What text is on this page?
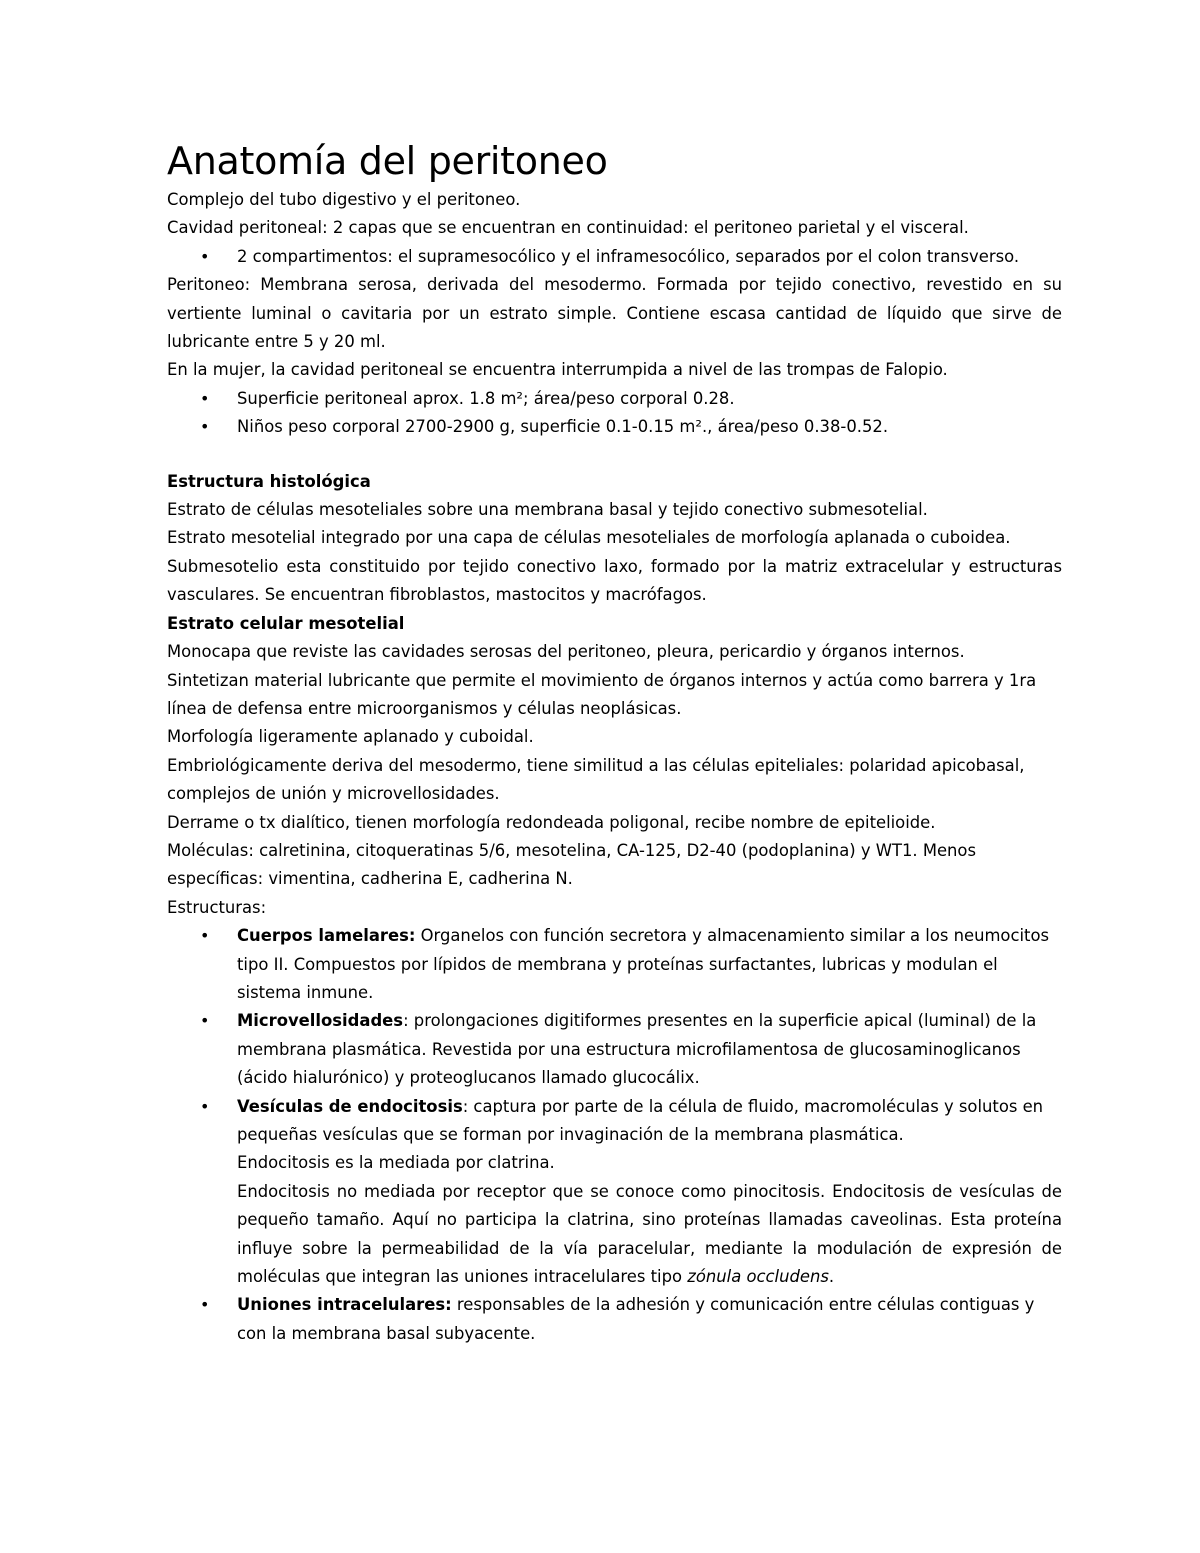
Anatomía del peritoneo

Complejo del tubo digestivo y el peritoneo.

Cavidad peritoneal: 2 capas que se encuentran en continuidad: el peritoneo parietal y el visceral.

• 2 compartimentos: el supramesocólico y el inframesocólico, separados por el colon transverso.

Peritoneo: Membrana serosa, derivada del mesodermo. Formada por tejido conectivo, revestido en su vertiente luminal o cavitaria por un estrato simple. Contiene escasa cantidad de líquido que sirve de lubricante entre 5 y 20 ml.

En la mujer, la cavidad peritoneal se encuentra interrumpida a nivel de las trompas de Falopio.

• Superficie peritoneal aprox. 1.8 m²; área/peso corporal 0.28.
• Niños peso corporal 2700-2900 g, superficie 0.1-0.15 m²., área/peso 0.38-0.52.

Estructura histológica

Estrato de células mesoteliales sobre una membrana basal y tejido conectivo submesotelial.

Estrato mesotelial integrado por una capa de células mesoteliales de morfología aplanada o cuboidea.

Submesotelio esta constituido por tejido conectivo laxo, formado por la matriz extracelular y estructuras vasculares. Se encuentran fibroblastos, mastocitos y macrófagos.

Estrato celular mesotelial

Monocapa que reviste las cavidades serosas del peritoneo, pleura, pericardio y órganos internos.

Sintetizan material lubricante que permite el movimiento de órganos internos y actúa como barrera y 1ra línea de defensa entre microorganismos y células neoplásicas.

Morfología ligeramente aplanado y cuboidal.

Embriológicamente deriva del mesodermo, tiene similitud a las células epiteliales: polaridad apicobasal, complejos de unión y microvellosidades.

Derrame o tx dialítico, tienen morfología redondeada poligonal, recibe nombre de epitelioide.

Moléculas: calretinina, citoqueratinas 5/6, mesotelina, CA-125, D2-40 (podoplanina) y WT1. Menos específicas: vimentina, cadherina E, cadherina N.

Estructuras:

• Cuerpos lamelares: Organelos con función secretora y almacenamiento similar a los neumocitos tipo II. Compuestos por lípidos de membrana y proteínas surfactantes, lubricas y modulan el sistema inmune.
• Microvellosidades: prolongaciones digitiformes presentes en la superficie apical (luminal) de la membrana plasmática. Revestida por una estructura microfilamentosa de glucosaminoglicanos (ácido hialurónico) y proteoglucanos llamado glucocálix.
• Vesículas de endocitosis: captura por parte de la célula de fluido, macromoléculas y solutos en pequeñas vesículas que se forman por invaginación de la membrana plasmática.
Endocitosis es la mediada por clatrina.
Endocitosis no mediada por receptor que se conoce como pinocitosis. Endocitosis de vesículas de pequeño tamaño. Aquí no participa la clatrina, sino proteínas llamadas caveolinas. Esta proteína influye sobre la permeabilidad de la vía paracelular, mediante la modulación de expresión de moléculas que integran las uniones intracelulares tipo zónula occludens.
• Uniones intracelulares: responsables de la adhesión y comunicación entre células contiguas y con la membrana basal subyacente.
